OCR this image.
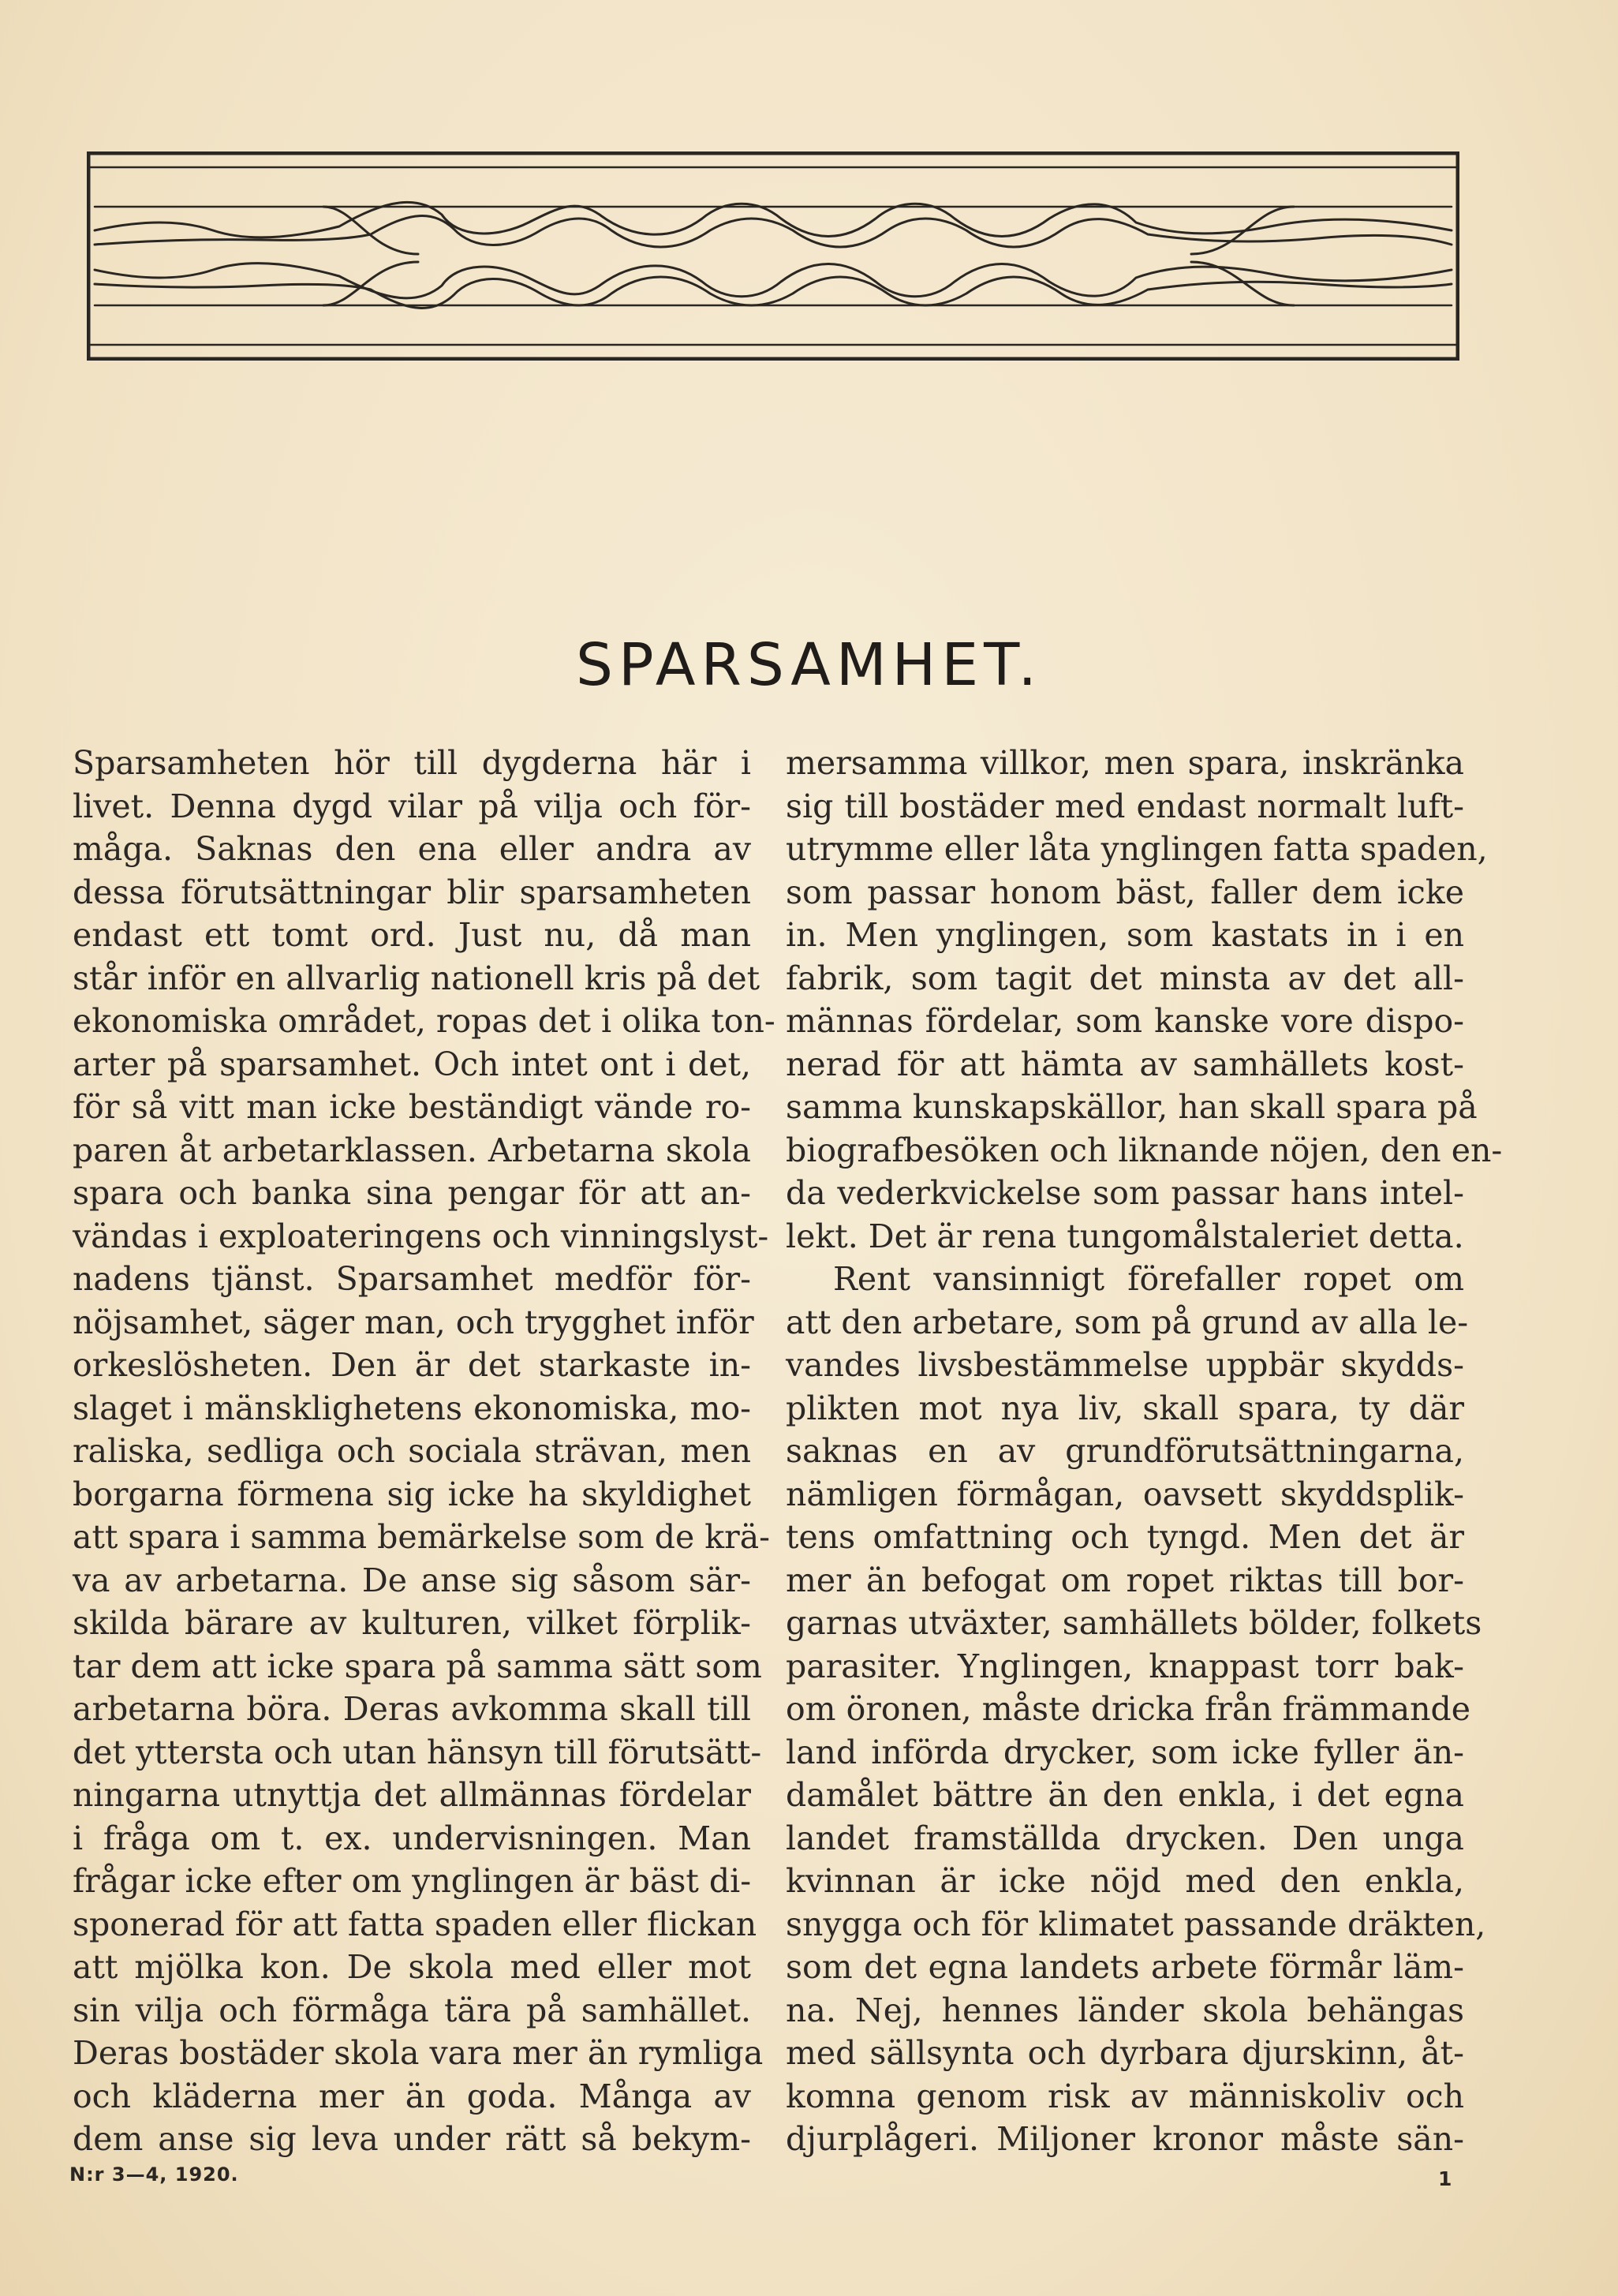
SPARSAMHET.

Sparsamheten hör till dygderna här i
livet. Denna dygd vilar på vilja och för-
måga. Saknas den ena eller andra av
dessa förutsättningar blir sparsamheten
endast ett tomt ord. Just nu, då man
står inför en allvarlig nationell kris på det
ekonomiska området, ropas det i olika ton-
arter på sparsamhet. Och intet ont i det,
för så vitt man icke beständigt vände ro-
paren åt arbetarklassen. Arbetarna skola
spara och banka sina pengar för att an-
vändas i exploateringens och vinningslyst-
nadens tjänst. Sparsamhet medför för-
nöjsamhet, säger man, och trygghet inför
orkeslösheten. Den är det starkaste in-
slaget i mänsklighetens ekonomiska, mo-
raliska, sedliga och sociala strävan, men
borgarna förmena sig icke ha skyldighet
att spara i samma bemärkelse som de krä-
va av arbetarna. De anse sig såsom sär-
skilda bärare av kulturen, vilket förplik-
tar dem att icke spara på samma sätt som
arbetarna böra. Deras avkomma skall till
det yttersta och utan hänsyn till förutsätt-
ningarna utnyttja det allmännas fördelar
i fråga om t. ex. undervisningen. Man
frågar icke efter om ynglingen är bäst di-
sponerad för att fatta spaden eller flickan
att mjölka kon. De skola med eller mot
sin vilja och förmåga tära på samhället.
Deras bostäder skola vara mer än rymliga
och kläderna mer än goda. Många av
dem anse sig leva under rätt så bekym-

mersamma villkor, men spara, inskränka
sig till bostäder med endast normalt luft-
utrymme eller låta ynglingen fatta spaden,
som passar honom bäst, faller dem icke
in. Men ynglingen, som kastats in i en
fabrik, som tagit det minsta av det all-
männas fördelar, som kanske vore dispo-
nerad för att hämta av samhällets kost-
samma kunskapskällor, han skall spara på
biografbesöken och liknande nöjen, den en-
da vederkvickelse som passar hans intel-
lekt. Det är rena tungomålstaleriet detta.
Rent vansinnigt förefaller ropet om
att den arbetare, som på grund av alla le-
vandes livsbestämmelse uppbär skydds-
plikten mot nya liv, skall spara, ty där
saknas en av grundförutsättningarna,
nämligen förmågan, oavsett skyddsplik-
tens omfattning och tyngd. Men det är
mer än befogat om ropet riktas till bor-
garnas utväxter, samhällets bölder, folkets
parasiter. Ynglingen, knappast torr bak-
om öronen, måste dricka från främmande
land införda drycker, som icke fyller än-
damålet bättre än den enkla, i det egna
landet framställda drycken. Den unga
kvinnan är icke nöjd med den enkla,
snygga och för klimatet passande dräkten,
som det egna landets arbete förmår läm-
na. Nej, hennes länder skola behängas
med sällsynta och dyrbara djurskinn, åt-
komna genom risk av människoliv och
djurplågeri. Miljoner kronor måste sän-

N:r 3—4, 1920.	1
